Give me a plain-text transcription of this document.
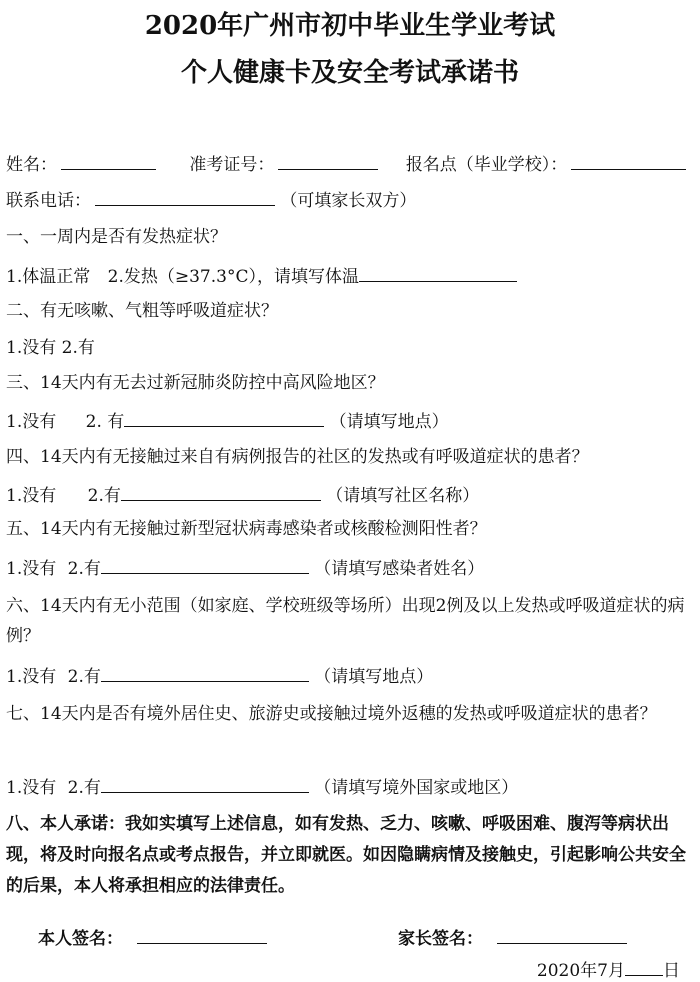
2020年广州市初中毕业生学业考试
个人健康卡及安全考试承诺书
姓名：	准考证号：	报名点（毕业学校）：
联系电话：	（可填家长双方）
一、一周内是否有发热症状？
1.体温正常 2.发热（≥37.3°C），请填写体温
二、有无咳嗽、气粗等呼吸道症状？
1.没有 2.有
三、14天内有无去过新冠肺炎防控中高风险地区？
1.没有 2. 有	（请填写地点）
四、14天内有无接触过来自有病例报告的社区的发热或有呼吸道症状的患者？
1.没有 2.有	（请填写社区名称）
五、14天内有无接触过新型冠状病毒感染者或核酸检测阳性者？
1.没有 2.有	（请填写感染者姓名）
六、14天内有无小范围（如家庭、学校班级等场所）出现2例及以上发热或呼吸道症状的病例？
1.没有 2.有	（请填写地点）
七、14天内是否有境外居住史、旅游史或接触过境外返穗的发热或呼吸道症状的患者？
1.没有 2.有	（请填写境外国家或地区）
八、本人承诺：我如实填写上述信息，如有发热、乏力、咳嗽、呼吸困难、腹泻等病状出现，将及时向报名点或考点报告，并立即就医。如因隐瞒病情及接触史，引起影响公共安全的后果，本人将承担相应的法律责任。
本人签名：	家长签名：
2020年7月 日
